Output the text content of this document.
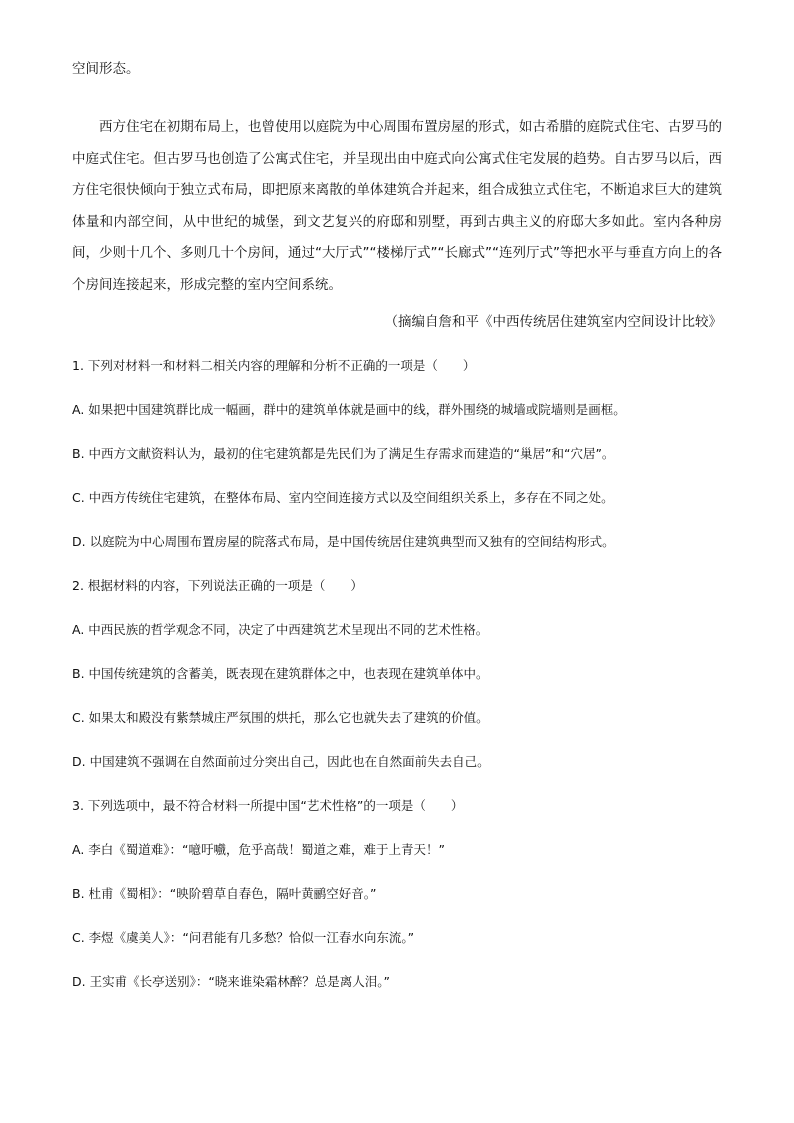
空间形态。
西方住宅在初期布局上，也曾使用以庭院为中心周围布置房屋的形式，如古希腊的庭院式住宅、古罗马的中庭式住宅。但古罗马也创造了公寓式住宅，并呈现出由中庭式向公寓式住宅发展的趋势。自古罗马以后，西方住宅很快倾向于独立式布局，即把原来离散的单体建筑合并起来，组合成独立式住宅，不断追求巨大的建筑体量和内部空间，从中世纪的城堡，到文艺复兴的府邸和别墅，再到古典主义的府邸大多如此。室内各种房间，少则十几个、多则几十个房间，通过“大厅式”“楼梯厅式”“长廊式”“连列厅式”等把水平与垂直方向上的各个房间连接起来，形成完整的室内空间系统。
（摘编自詹和平《中西传统居住建筑室内空间设计比较》
1. 下列对材料一和材料二相关内容的理解和分析不正确的一项是（　　）
A. 如果把中国建筑群比成一幅画，群中的建筑单体就是画中的线，群外围绕的城墙或院墙则是画框。
B. 中西方文献资料认为，最初的住宅建筑都是先民们为了满足生存需求而建造的“巢居”和“穴居”。
C. 中西方传统住宅建筑，在整体布局、室内空间连接方式以及空间组织关系上，多存在不同之处。
D. 以庭院为中心周围布置房屋的院落式布局，是中国传统居住建筑典型而又独有的空间结构形式。
2. 根据材料的内容，下列说法正确的一项是（　　）
A. 中西民族的哲学观念不同，决定了中西建筑艺术呈现出不同的艺术性格。
B. 中国传统建筑的含蓄美，既表现在建筑群体之中，也表现在建筑单体中。
C. 如果太和殿没有紫禁城庄严氛围的烘托，那么它也就失去了建筑的价值。
D. 中国建筑不强调在自然面前过分突出自己，因此也在自然面前失去自己。
3. 下列选项中，最不符合材料一所提中国“艺术性格”的一项是（　　）
A. 李白《蜀道难》：“噫吁嚱，危乎高哉！蜀道之难，难于上青天！”
B. 杜甫《蜀相》：“映阶碧草自春色，隔叶黄鹂空好音。”
C. 李煜《虞美人》：“问君能有几多愁？恰似一江春水向东流。”
D. 王实甫《长亭送别》：“晓来谁染霜林醉？总是离人泪。”
